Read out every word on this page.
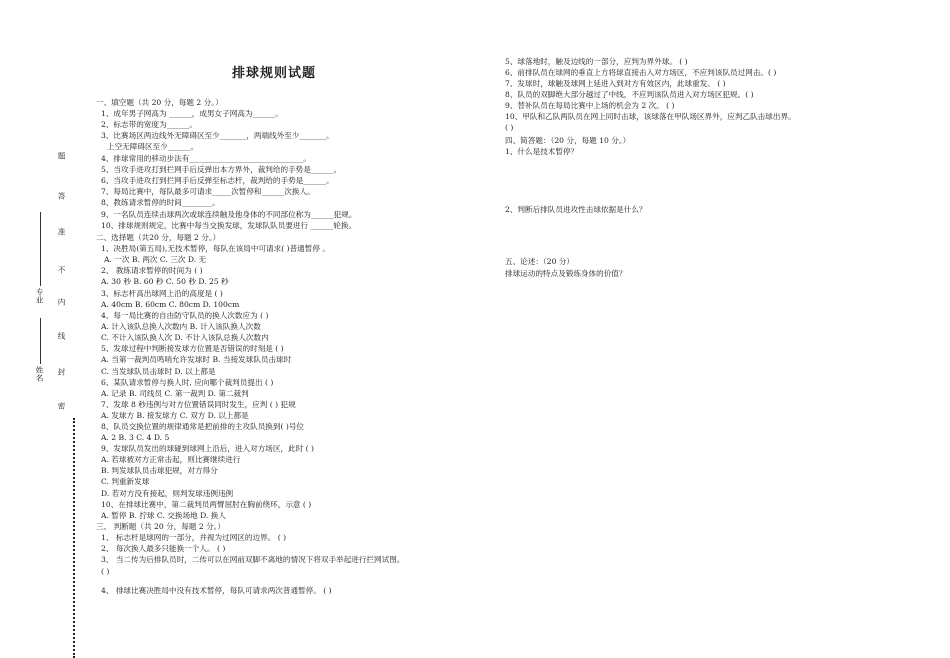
排球规则试题
题
答
准
不
内
线
封
密
专业
姓名
一、填空题（共 20 分，每题 2 分。）
1、成年男子网高为 ______，成男女子网高为______。
2、标志带的宽度为______。
3、比赛场区两边线外无障碍区至少_______，两端线外至少_______。
上空无障碍区至少______。
4、排球常用的移动步法有______________________________。
5、当攻手进攻打到拦网手后反弹出本方界外，裁判给的手势是______。
6、当攻手进攻打到拦网手后反弹至标志杆，裁判给的手势是______。
7、每局比赛中，每队最多可请求_____次暂停和______次换人。
8、教练请求暂停的时间________。
9、一名队员连续击球两次或球连续触及他身体的不同部位称为______犯规。
10、排球规则规定，比赛中每当交换发球，发球队队员要进行 ______轮换。
二、选择题（共20 分，每题 2 分。）
1、决胜局(第五局),无技术暂停，每队在该局中可请求( )普通暂停 。
A. 一次 B. 两次 C. 三次 D. 无
2、 教练请求暂停的时间为 ( )
A. 30 秒 B. 60 秒 C. 50 秒 D. 25 秒
3、标志杆高出球网上沿的高度是 ( )
A. 40cm B. 60cm C. 80cm D. 100cm
4、每一局比赛的自由防守队员的换人次数应为 ( )
A. 计入该队总换人次数内 B. 计入该队换人次数
C. 不计入该队换人次 D. 不计入该队总换人次数内
5、发球过程中判断接发球方位置是否错误的时刻是 ( )
A. 当第一裁判员鸣哨允许发球时 B. 当接发球队员击球时
C. 当发球队员击球时 D. 以上都是
6、某队请求暂停与换人时, 应向哪个裁判员提出 ( )
A. 记录 B. 司线员 C. 第一裁判 D. 第二裁判
7、发球 8 秒违例与对方位置错误同时发生，应判 ( ) 犯规
A. 发球方 B. 接发球方 C. 双方 D. 以上都是
8、队员交换位置的规律通常是把前排的主攻队员换到( )号位
A. 2 B. 3 C. 4 D. 5
9、发球队员发出的球碰到球网上沿后，进入对方场区，此时 ( )
A. 若球被对方正常击起，则比赛继续进行
B. 判发球队员击球犯规，对方得分
C. 判重新发球
D. 若对方没有接起，则判发球违例违例
10、在排球比赛中，第二裁判员两臂屈肘在胸前绕环，示意 ( )
A. 暂停 B. 拧球 C. 交换场地 D. 换人
三、 判断题（共 20 分，每题 2 分。）
1、 标志杆是球网的一部分，并视为过网区的边界。 ( )
2、 每次换人最多只能换一个人。 ( )
3、 当二传为后排队员时，二传可以在网前双脚不离地的情况下将双手举起进行拦网试图。
( )
4、 排球比赛决胜局中没有技术暂停，每队可请求两次普通暂停。 ( )
5、球落地时，触及边线的一部分，应判为界外球。 ( )
6、前排队员在球网的垂直上方将球直接击入对方场区，不应判该队员过网击。( )
7、发球时，球触及球网上延进入到对方有效区内，此球重发。 ( )
8、队员的双脚绝大部分越过了中线，不应判该队员进入对方场区犯规。( )
9、替补队员在每局比赛中上场的机会为 2 次。 ( )
10、甲队和乙队两队员在网上同时击球，该球落在甲队场区界外，应判乙队击球出界。
( )
四、简答题：（20 分，每题 10 分。）
1、什么是技术暂停？
2、判断后排队员进攻性击球依据是什么？
五、论述：（20 分）
排球运动的特点及锻炼身体的价值？
